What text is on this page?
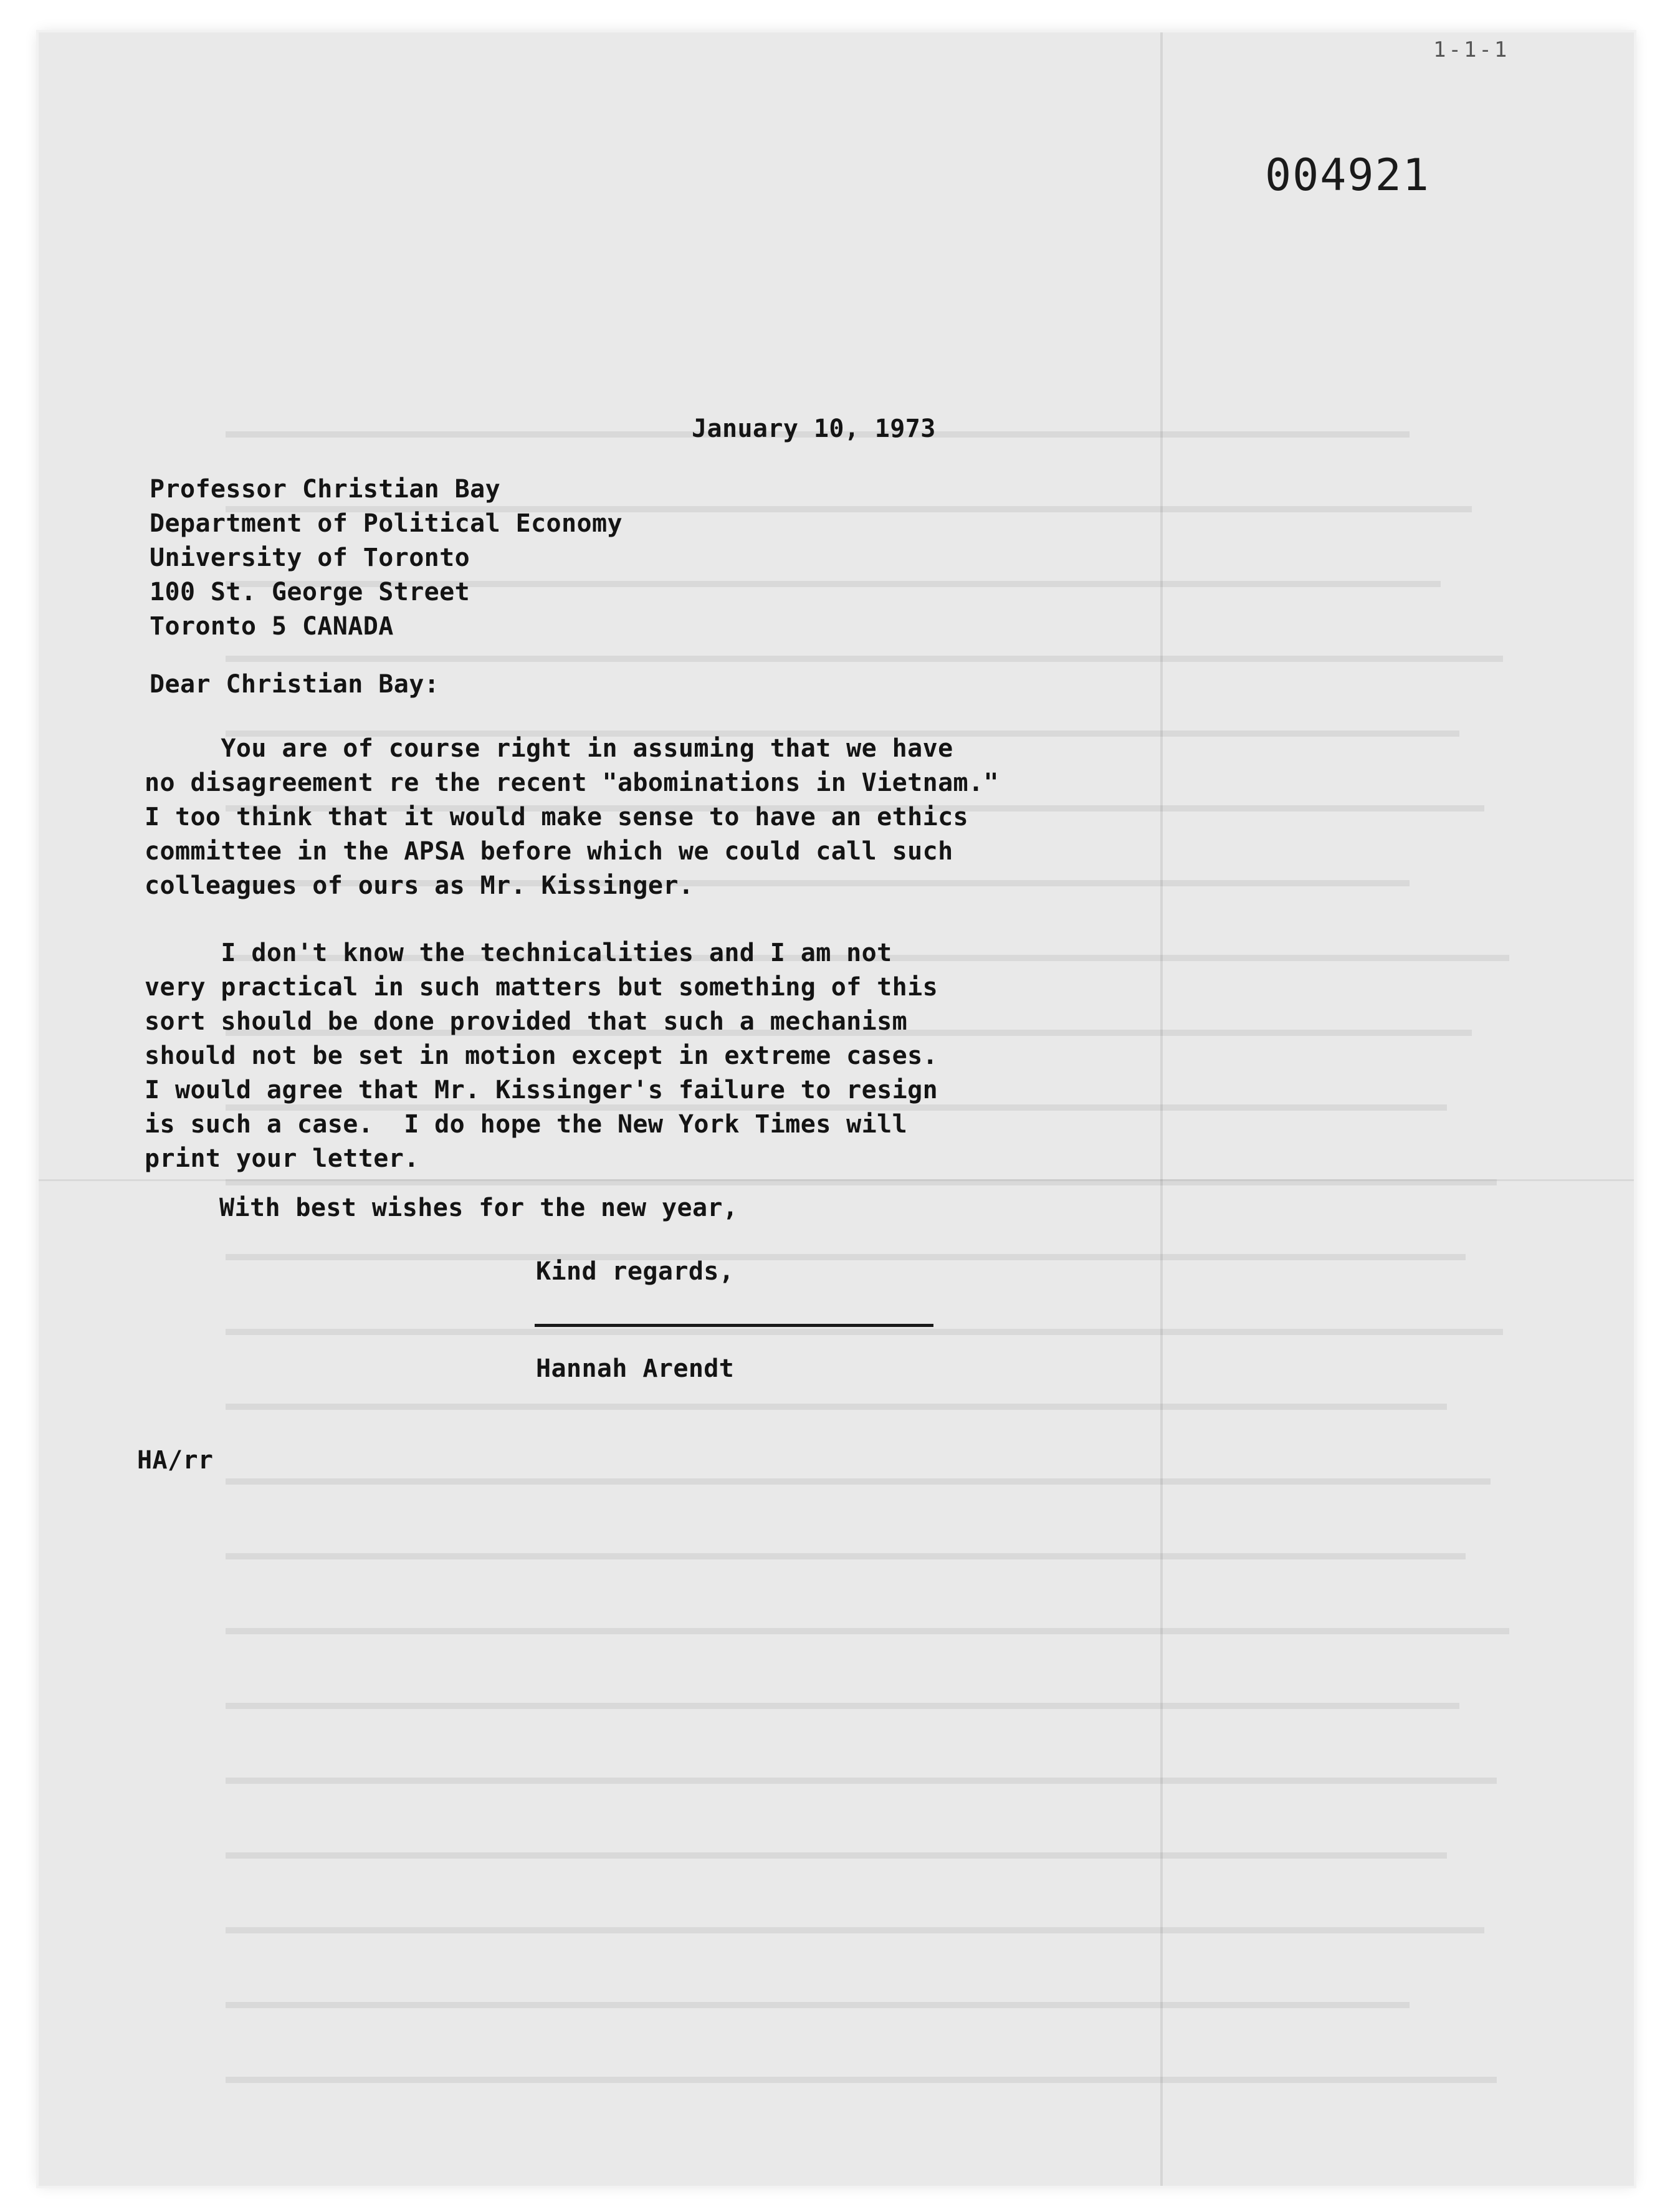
1-1-1
004921
January 10, 1973
Professor Christian Bay
Department of Political Economy
University of Toronto
100 St. George Street
Toronto 5 CANADA
Dear Christian Bay:
You are of course right in assuming that we have
no disagreement re the recent "abominations in Vietnam."
I too think that it would make sense to have an ethics
committee in the APSA before which we could call such
colleagues of ours as Mr. Kissinger.
I don't know the technicalities and I am not
very practical in such matters but something of this
sort should be done provided that such a mechanism
should not be set in motion except in extreme cases.
I would agree that Mr. Kissinger's failure to resign
is such a case.  I do hope the New York Times will
print your letter.
With best wishes for the new year,
Kind regards,
Hannah Arendt
HA/rr
